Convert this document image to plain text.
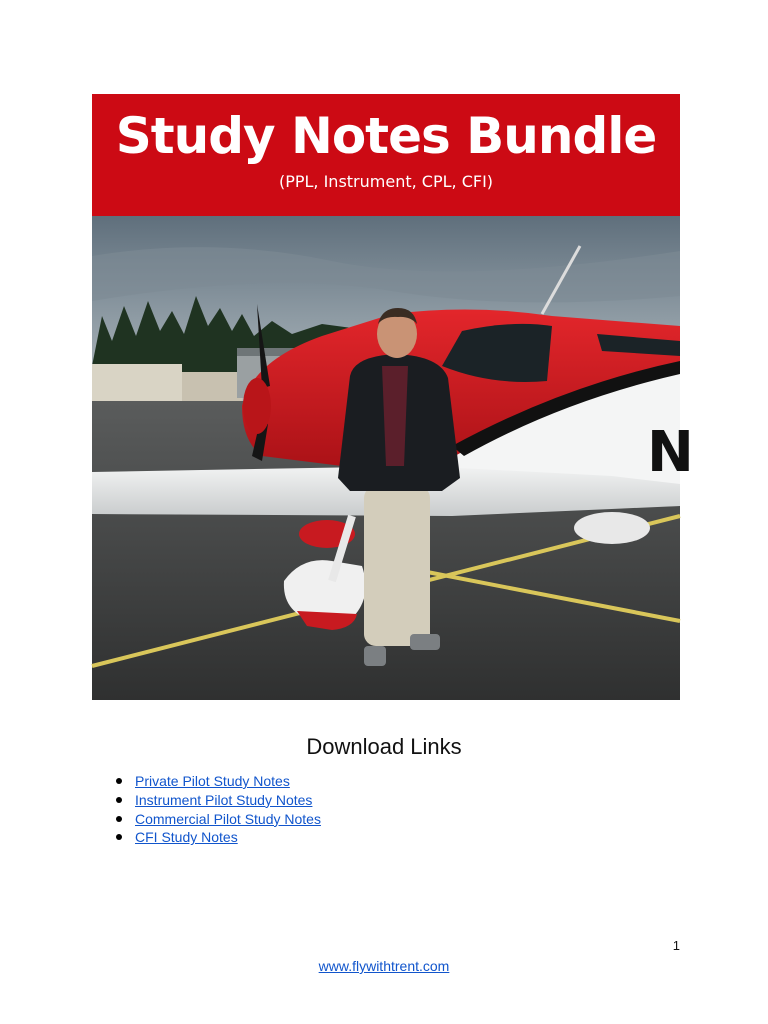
Study Notes Bundle
(PPL, Instrument, CPL, CFI)
N
Download Links
Private Pilot Study Notes
Instrument Pilot Study Notes
Commercial Pilot Study Notes
CFI Study Notes
1
www.flywithtrent.com
